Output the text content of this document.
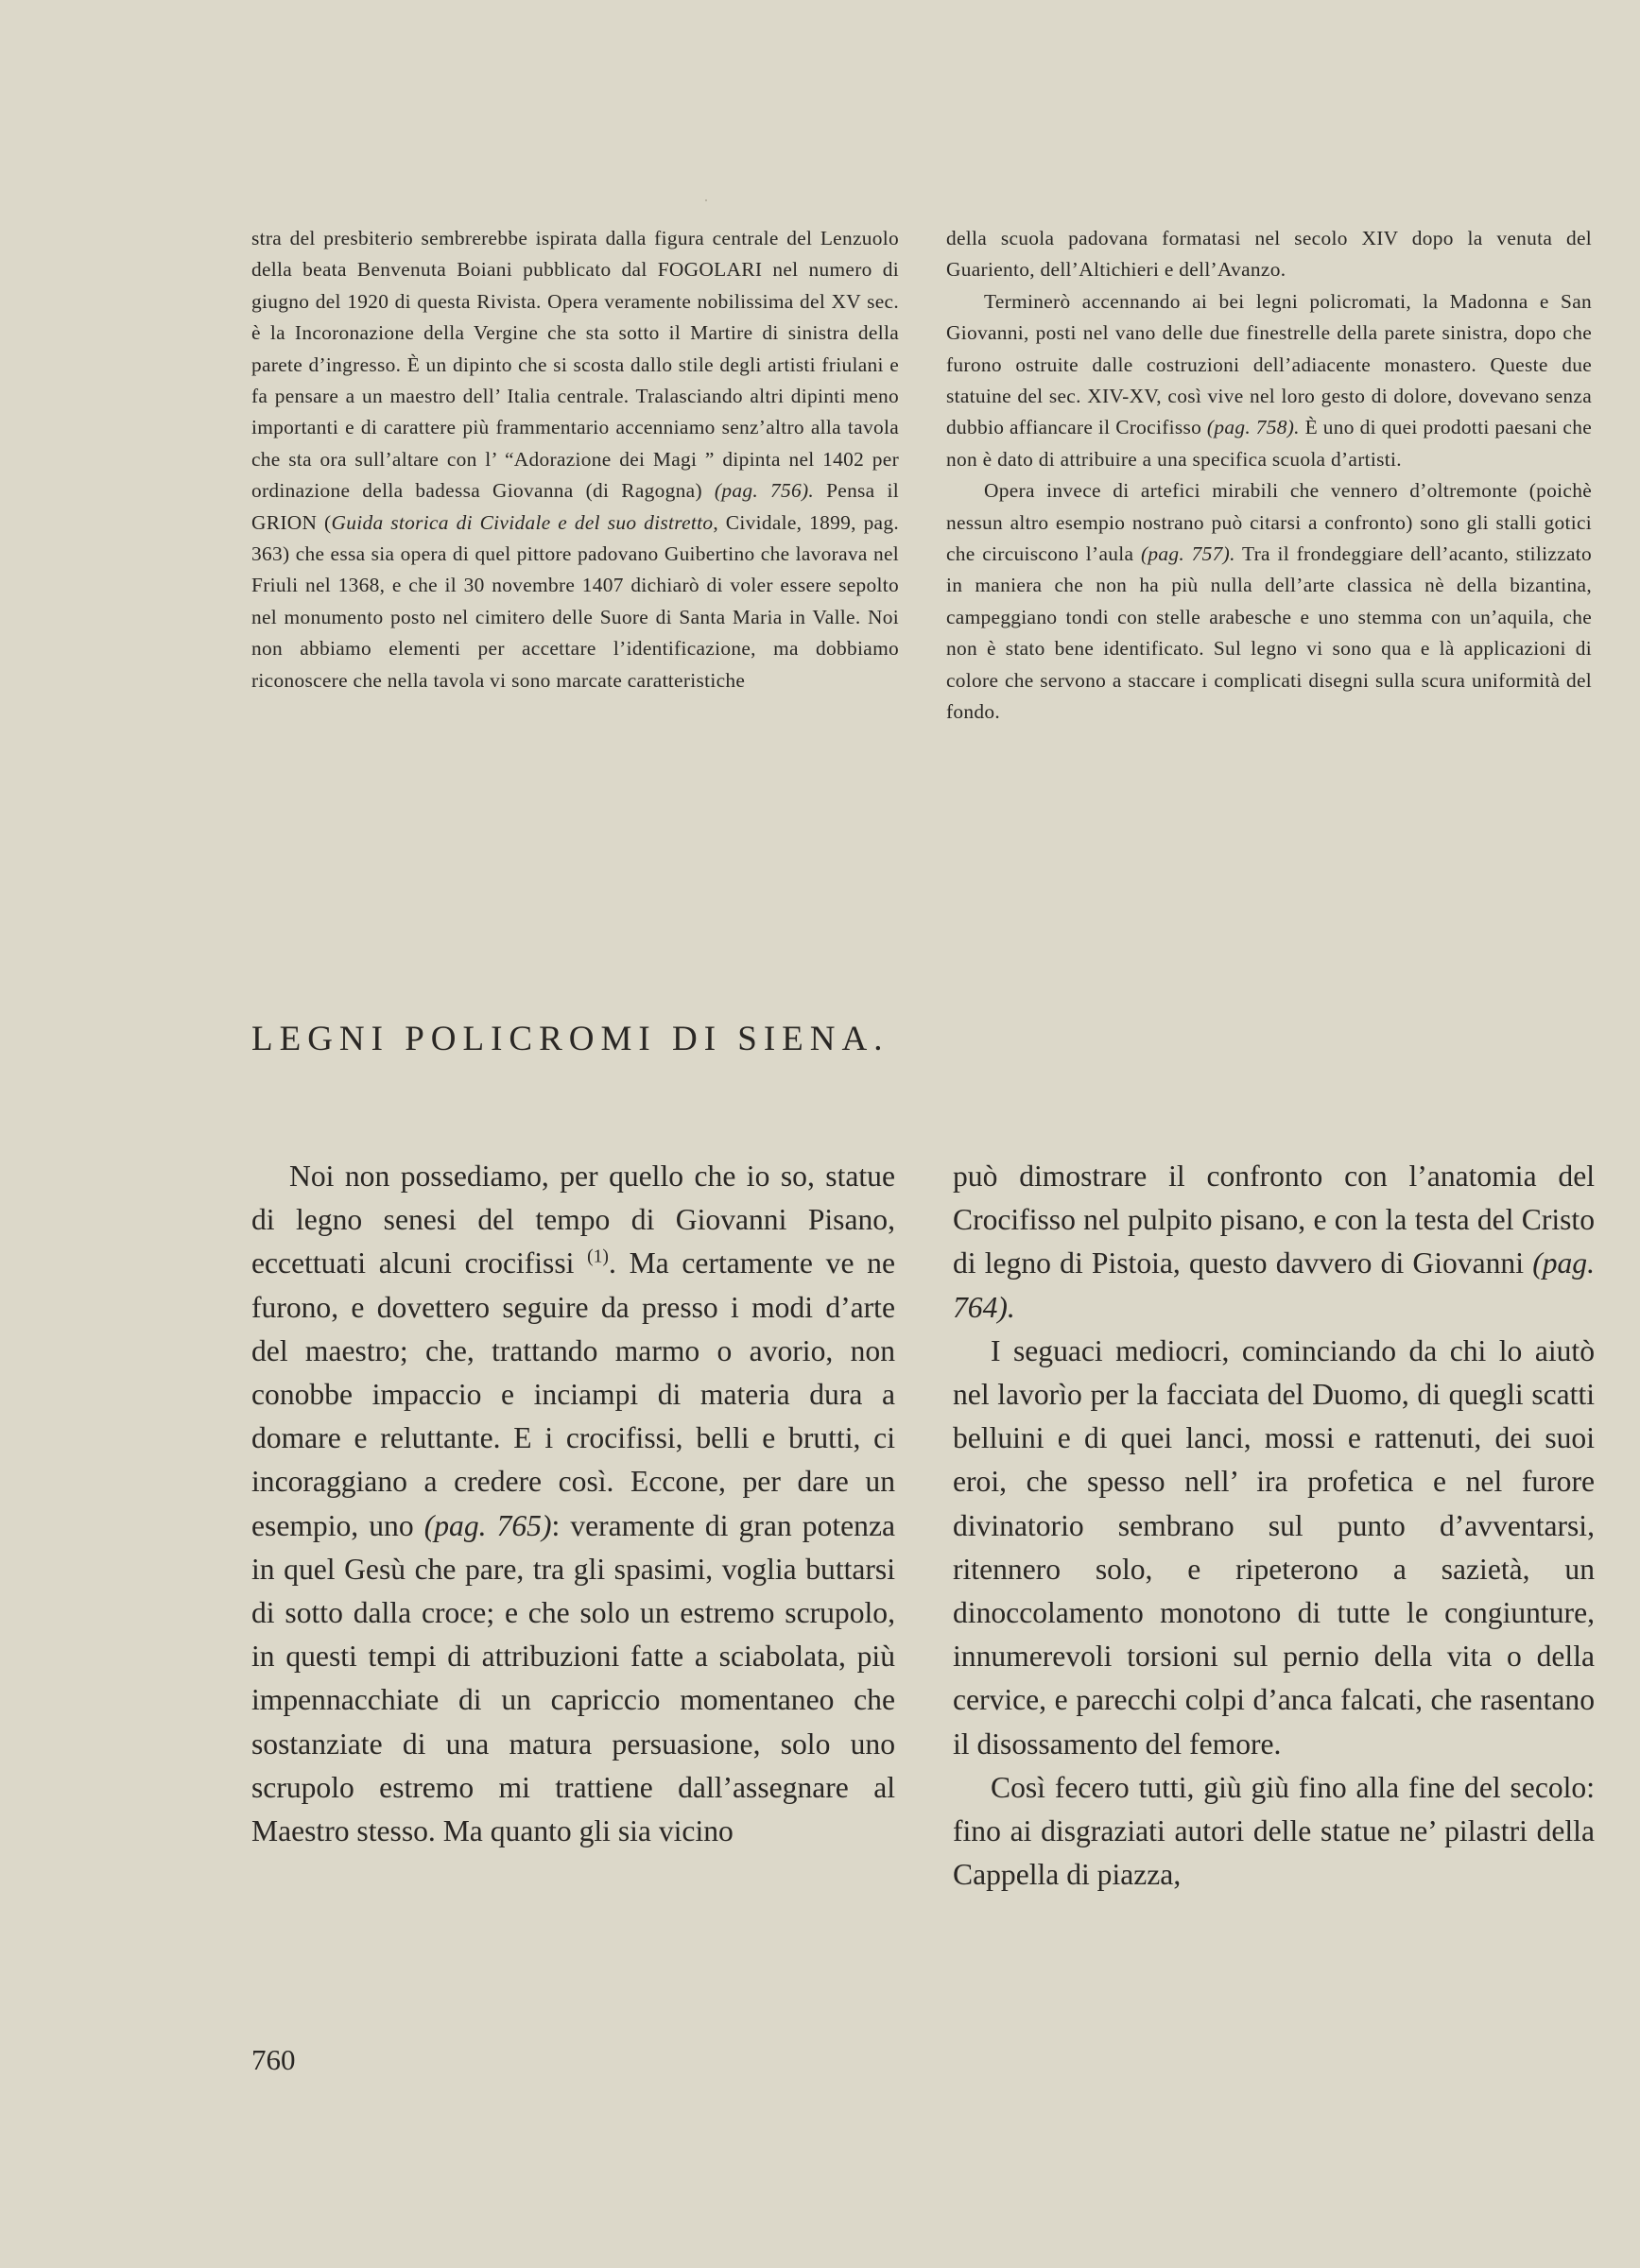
stra del presbiterio sembrerebbe ispirata dalla figura centrale del Lenzuolo della beata Benvenuta Boiani pubblicato dal FOGOLARI nel numero di giugno del 1920 di questa Rivista. Opera veramente nobilissima del XV sec. è la Incoronazione della Vergine che sta sotto il Martire di sinistra della parete d’ingresso. È un dipinto che si scosta dallo stile degli artisti friulani e fa pensare a un maestro dell’ Italia centrale. Tralasciando altri dipinti meno importanti e di carattere più frammentario accenniamo senz’altro alla tavola che sta ora sull’altare con l’ “Adorazione dei Magi ” dipinta nel 1402 per ordinazione della badessa Giovanna (di Ragogna) (pag. 756). Pensa il GRION (Guida storica di Cividale e del suo distretto, Cividale, 1899, pag. 363) che essa sia opera di quel pittore padovano Guibertino che lavorava nel Friuli nel 1368, e che il 30 novembre 1407 dichiarò di voler essere sepolto nel monumento posto nel cimitero delle Suore di Santa Maria in Valle. Noi non abbiamo elementi per accettare l’identificazione, ma dobbiamo riconoscere che nella tavola vi sono marcate caratteristiche

della scuola padovana formatasi nel secolo XIV dopo la venuta del Guariento, dell’Altichieri e dell’Avanzo.

Terminerò accennando ai bei legni policromati, la Madonna e San Giovanni, posti nel vano delle due finestrelle della parete sinistra, dopo che furono ostruite dalle costruzioni dell’adiacente monastero. Queste due statuine del sec. XIV-XV, così vive nel loro gesto di dolore, dovevano senza dubbio affiancare il Crocifisso (pag. 758). È uno di quei prodotti paesani che non è dato di attribuire a una specifica scuola d’artisti.

Opera invece di artefici mirabili che vennero d’oltremonte (poichè nessun altro esempio nostrano può citarsi a confronto) sono gli stalli gotici che circuiscono l’aula (pag. 757). Tra il frondeggiare dell’acanto, stilizzato in maniera che non ha più nulla dell’arte classica nè della bizantina, campeggiano tondi con stelle arabesche e uno stemma con un’aquila, che non è stato bene identificato. Sul legno vi sono qua e là applicazioni di colore che servono a staccare i complicati disegni sulla scura uniformità del fondo.

LEGNI POLICROMI DI SIENA.

Noi non possediamo, per quello che io so, statue di legno senesi del tempo di Giovanni Pisano, eccettuati alcuni crocifissi $^{(1)}$. Ma certamente ve ne furono, e dovettero seguire da presso i modi d’arte del maestro; che, trattando marmo o avorio, non conobbe impaccio e inciampi di materia dura a domare e reluttante. E i crocifissi, belli e brutti, ci incoraggiano a credere così. Eccone, per dare un esempio, uno (pag. 765): veramente di gran potenza in quel Gesù che pare, tra gli spasimi, voglia buttarsi di sotto dalla croce; e che solo un estremo scrupolo, in questi tempi di attribuzioni fatte a sciabolata, più impennacchiate di un capriccio momentaneo che sostanziate di una matura persuasione, solo uno scrupolo estremo mi trattiene dall’assegnare al Maestro stesso. Ma quanto gli sia vicino

può dimostrare il confronto con l’anatomia del Crocifisso nel pulpito pisano, e con la testa del Cristo di legno di Pistoia, questo davvero di Giovanni (pag. 764).

I seguaci mediocri, cominciando da chi lo aiutò nel lavorìo per la facciata del Duomo, di quegli scatti belluini e di quei lanci, mossi e rattenuti, dei suoi eroi, che spesso nell’ ira profetica e nel furore divinatorio sembrano sul punto d’avventarsi, ritennero solo, e ripeterono a sazietà, un dinoccolamento monotono di tutte le congiunture, innumerevoli torsioni sul pernio della vita o della cervice, e parecchi colpi d’anca falcati, che rasentano il disossamento del femore.

Così fecero tutti, giù giù fino alla fine del secolo: fino ai disgraziati autori delle statue ne’ pilastri della Cappella di piazza,

760
